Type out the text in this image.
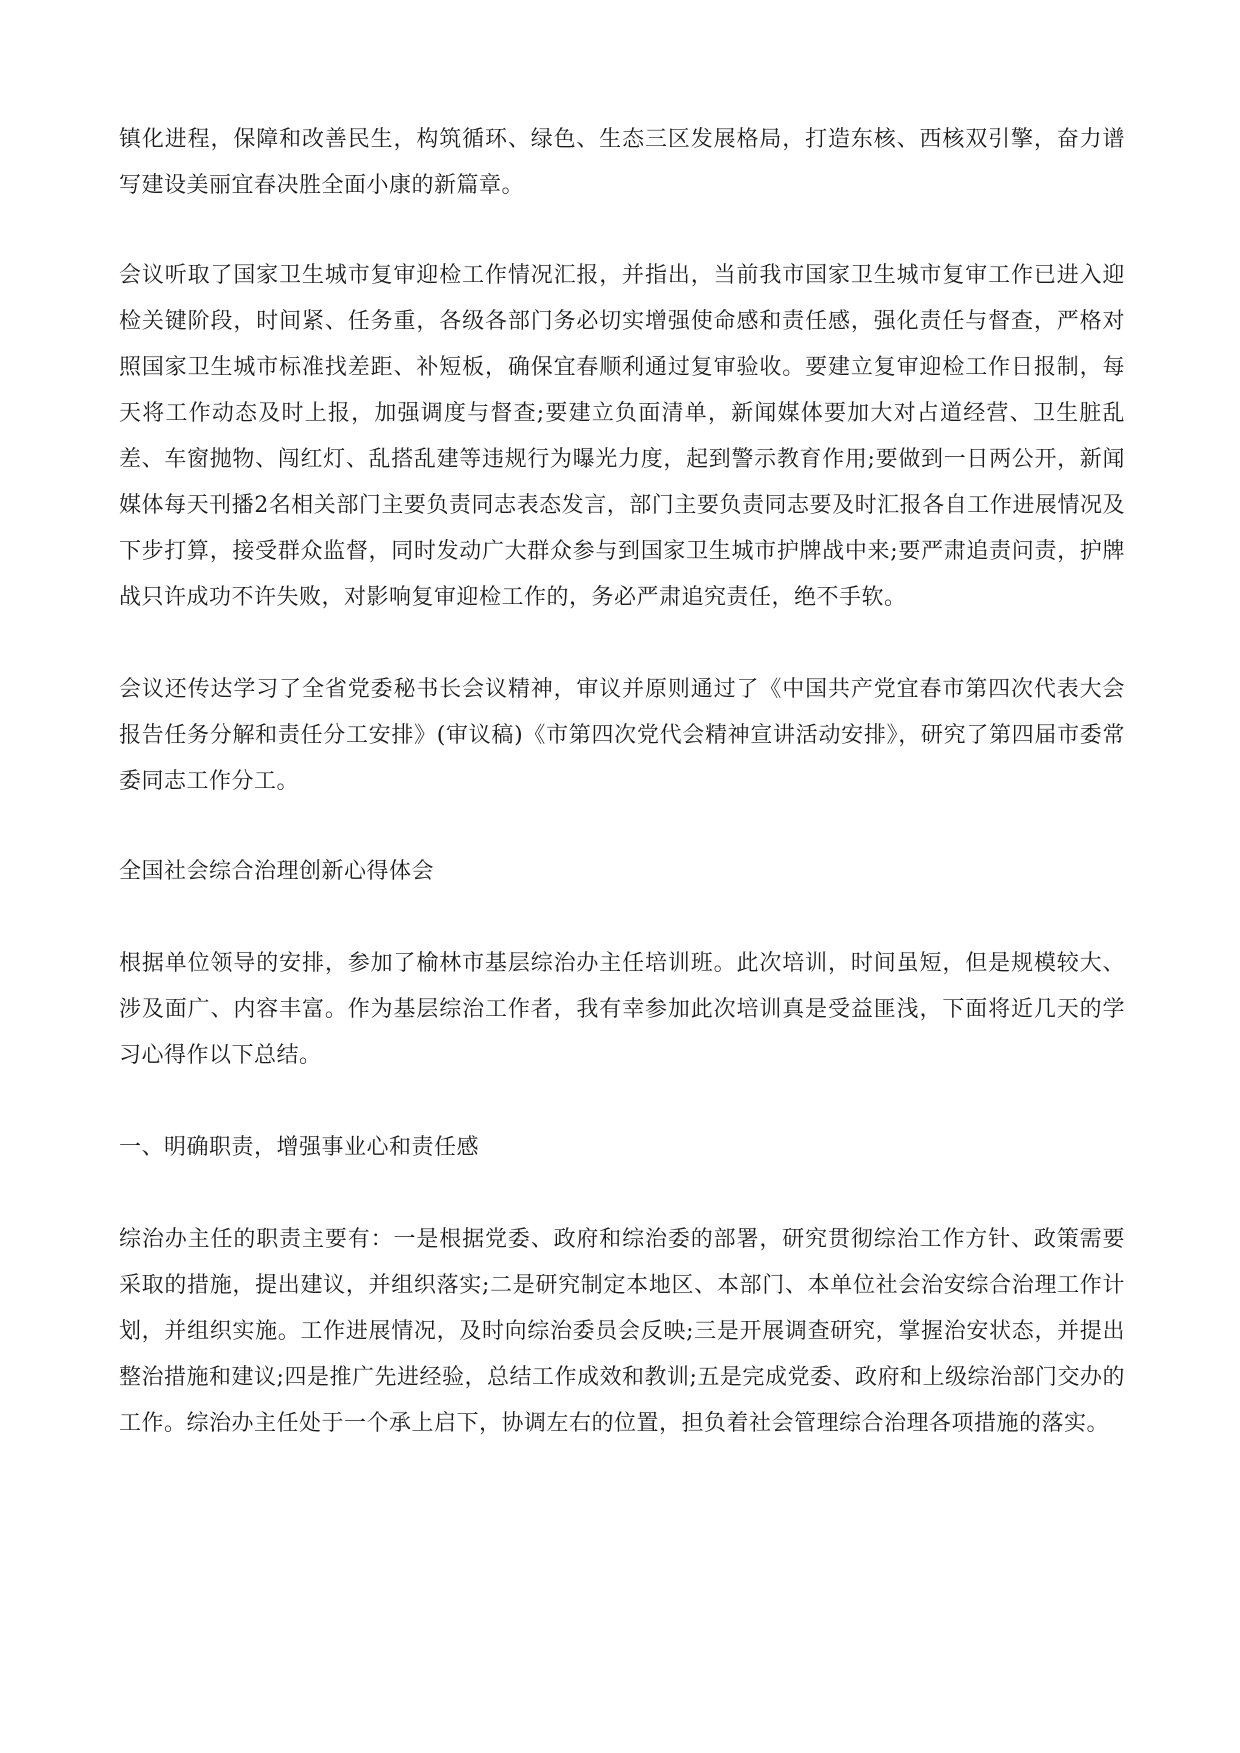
镇化进程，保障和改善民生，构筑循环、绿色、生态三区发展格局，打造东核、西核双引擎，奋力谱写建设美丽宜春决胜全面小康的新篇章。

会议听取了国家卫生城市复审迎检工作情况汇报，并指出，当前我市国家卫生城市复审工作已进入迎检关键阶段，时间紧、任务重，各级各部门务必切实增强使命感和责任感，强化责任与督查，严格对照国家卫生城市标准找差距、补短板，确保宜春顺利通过复审验收。要建立复审迎检工作日报制，每天将工作动态及时上报，加强调度与督查;要建立负面清单，新闻媒体要加大对占道经营、卫生脏乱差、车窗抛物、闯红灯、乱搭乱建等违规行为曝光力度，起到警示教育作用;要做到一日两公开，新闻媒体每天刊播2名相关部门主要负责同志表态发言，部门主要负责同志要及时汇报各自工作进展情况及下步打算，接受群众监督，同时发动广大群众参与到国家卫生城市护牌战中来;要严肃追责问责，护牌战只许成功不许失败，对影响复审迎检工作的，务必严肃追究责任，绝不手软。

会议还传达学习了全省党委秘书长会议精神，审议并原则通过了《中国共产党宜春市第四次代表大会报告任务分解和责任分工安排》(审议稿)《市第四次党代会精神宣讲活动安排》，研究了第四届市委常委同志工作分工。

全国社会综合治理创新心得体会

根据单位领导的安排，参加了榆林市基层综治办主任培训班。此次培训，时间虽短，但是规模较大、涉及面广、内容丰富。作为基层综治工作者，我有幸参加此次培训真是受益匪浅，下面将近几天的学习心得作以下总结。

一、明确职责，增强事业心和责任感

综治办主任的职责主要有：一是根据党委、政府和综治委的部署，研究贯彻综治工作方针、政策需要采取的措施，提出建议，并组织落实;二是研究制定本地区、本部门、本单位社会治安综合治理工作计划，并组织实施。工作进展情况，及时向综治委员会反映;三是开展调查研究，掌握治安状态，并提出整治措施和建议;四是推广先进经验，总结工作成效和教训;五是完成党委、政府和上级综治部门交办的工作。综治办主任处于一个承上启下，协调左右的位置，担负着社会管理综合治理各项措施的落实。
